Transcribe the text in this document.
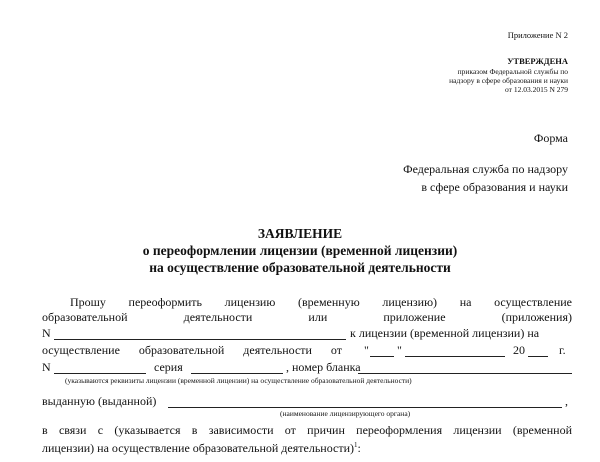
Приложение N 2
УТВЕРЖДЕНА
приказом Федеральной службы по
надзору в сфере образования и науки
от 12.03.2015 N 279
Форма
Федеральная служба по надзору
в сфере образования и науки
ЗАЯВЛЕНИЕ
о переоформлении лицензии (временной лицензии)
на осуществление образовательной деятельности
Прошу переоформить лицензию (временную лицензию) на осуществление
образовательной деятельности или приложение (приложения)
N	к лицензии (временной лицензии) на
осуществление образовательной деятельности от " "	20	г.
N	серия	, номер бланка
(указываются реквизиты лицензии (временной лицензии) на осуществление образовательной деятельности)
выданную (выданной)	,
(наименование лицензирующего органа)
в связи с (указывается в зависимости от причин переоформления лицензии (временной
лицензии) на осуществление образовательной деятельности)$^1$:
